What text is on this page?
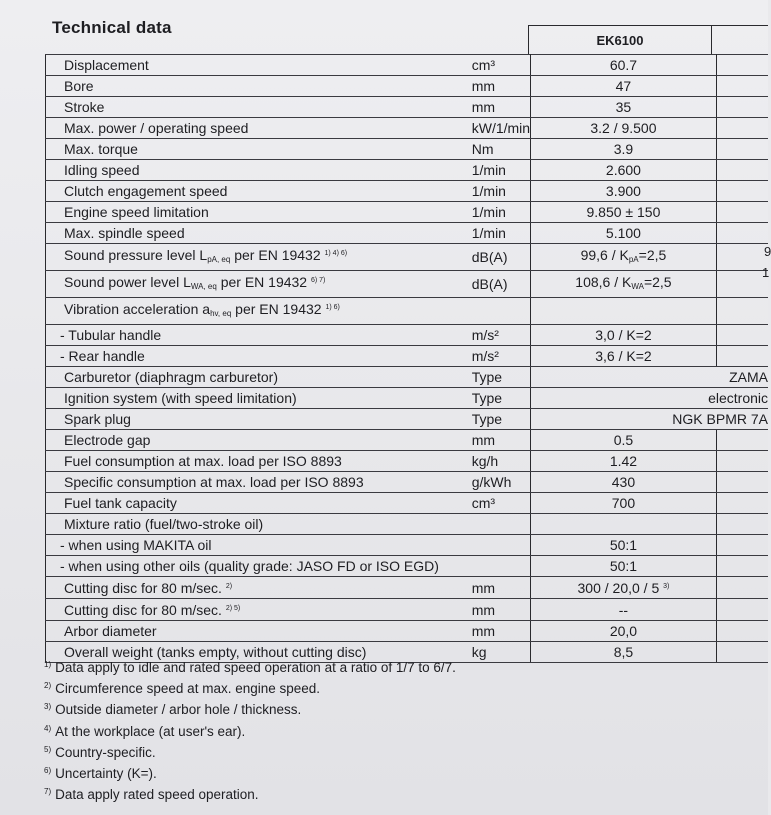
Technical data
EK6100
Displacement	cm³	60.7	
Bore	mm	47	
Stroke	mm	35	
Max. power / operating speed	kW/1/min	3.2 / 9.500	
Max. torque	Nm	3.9	
Idling speed	1/min	2.600	
Clutch engagement speed	1/min	3.900	
Engine speed limitation	1/min	9.850 ± 150	
Max. spindle speed	1/min	5.100	
Sound pressure level LpA, eq per EN 19432 $^{1) 4) 6)}$	dB(A)	99,6 / KpA=2,5	
Sound power level LWA, eq per EN 19432 $^{6) 7)}$	dB(A)	108,6 / KWA=2,5	
Vibration acceleration ahv, eq per EN 19432 $^{1) 6)}$			
- Tubular handle	m/s²	3,0 / K=2	
- Rear handle	m/s²	3,6 / K=2	
Carburetor (diaphragm carburetor)	Type	ZAMA	
Ignition system (with speed limitation)	Type	electronic	
Spark plug	Type	NGK BPMR 7A	
Electrode gap	mm	0.5	
Fuel consumption at max. load per ISO 8893	kg/h	1.42	
Specific consumption at max. load per ISO 8893	g/kWh	430	
Fuel tank capacity	cm³	700	
Mixture ratio (fuel/two-stroke oil)			
- when using MAKITA oil		50:1	
- when using other oils (quality grade: JASO FD or ISO EGD)		50:1	
Cutting disc for 80 m/sec. $^{2)}$	mm	300 / 20,0 / 5 $^{3)}$	
Cutting disc for 80 m/sec. $^{2) 5)}$	mm	--	
Arbor diameter	mm	20,0	
Overall weight (tanks empty, without cutting disc)	kg	8,5	
9
1
$^{1)}$ Data apply to idle and rated speed operation at a ratio of 1/7 to 6/7.
$^{2)}$ Circumference speed at max. engine speed.
$^{3)}$ Outside diameter / arbor hole / thickness.
$^{4)}$ At the workplace (at user's ear).
$^{5)}$ Country-specific.
$^{6)}$ Uncertainty (K=).
$^{7)}$ Data apply rated speed operation.
